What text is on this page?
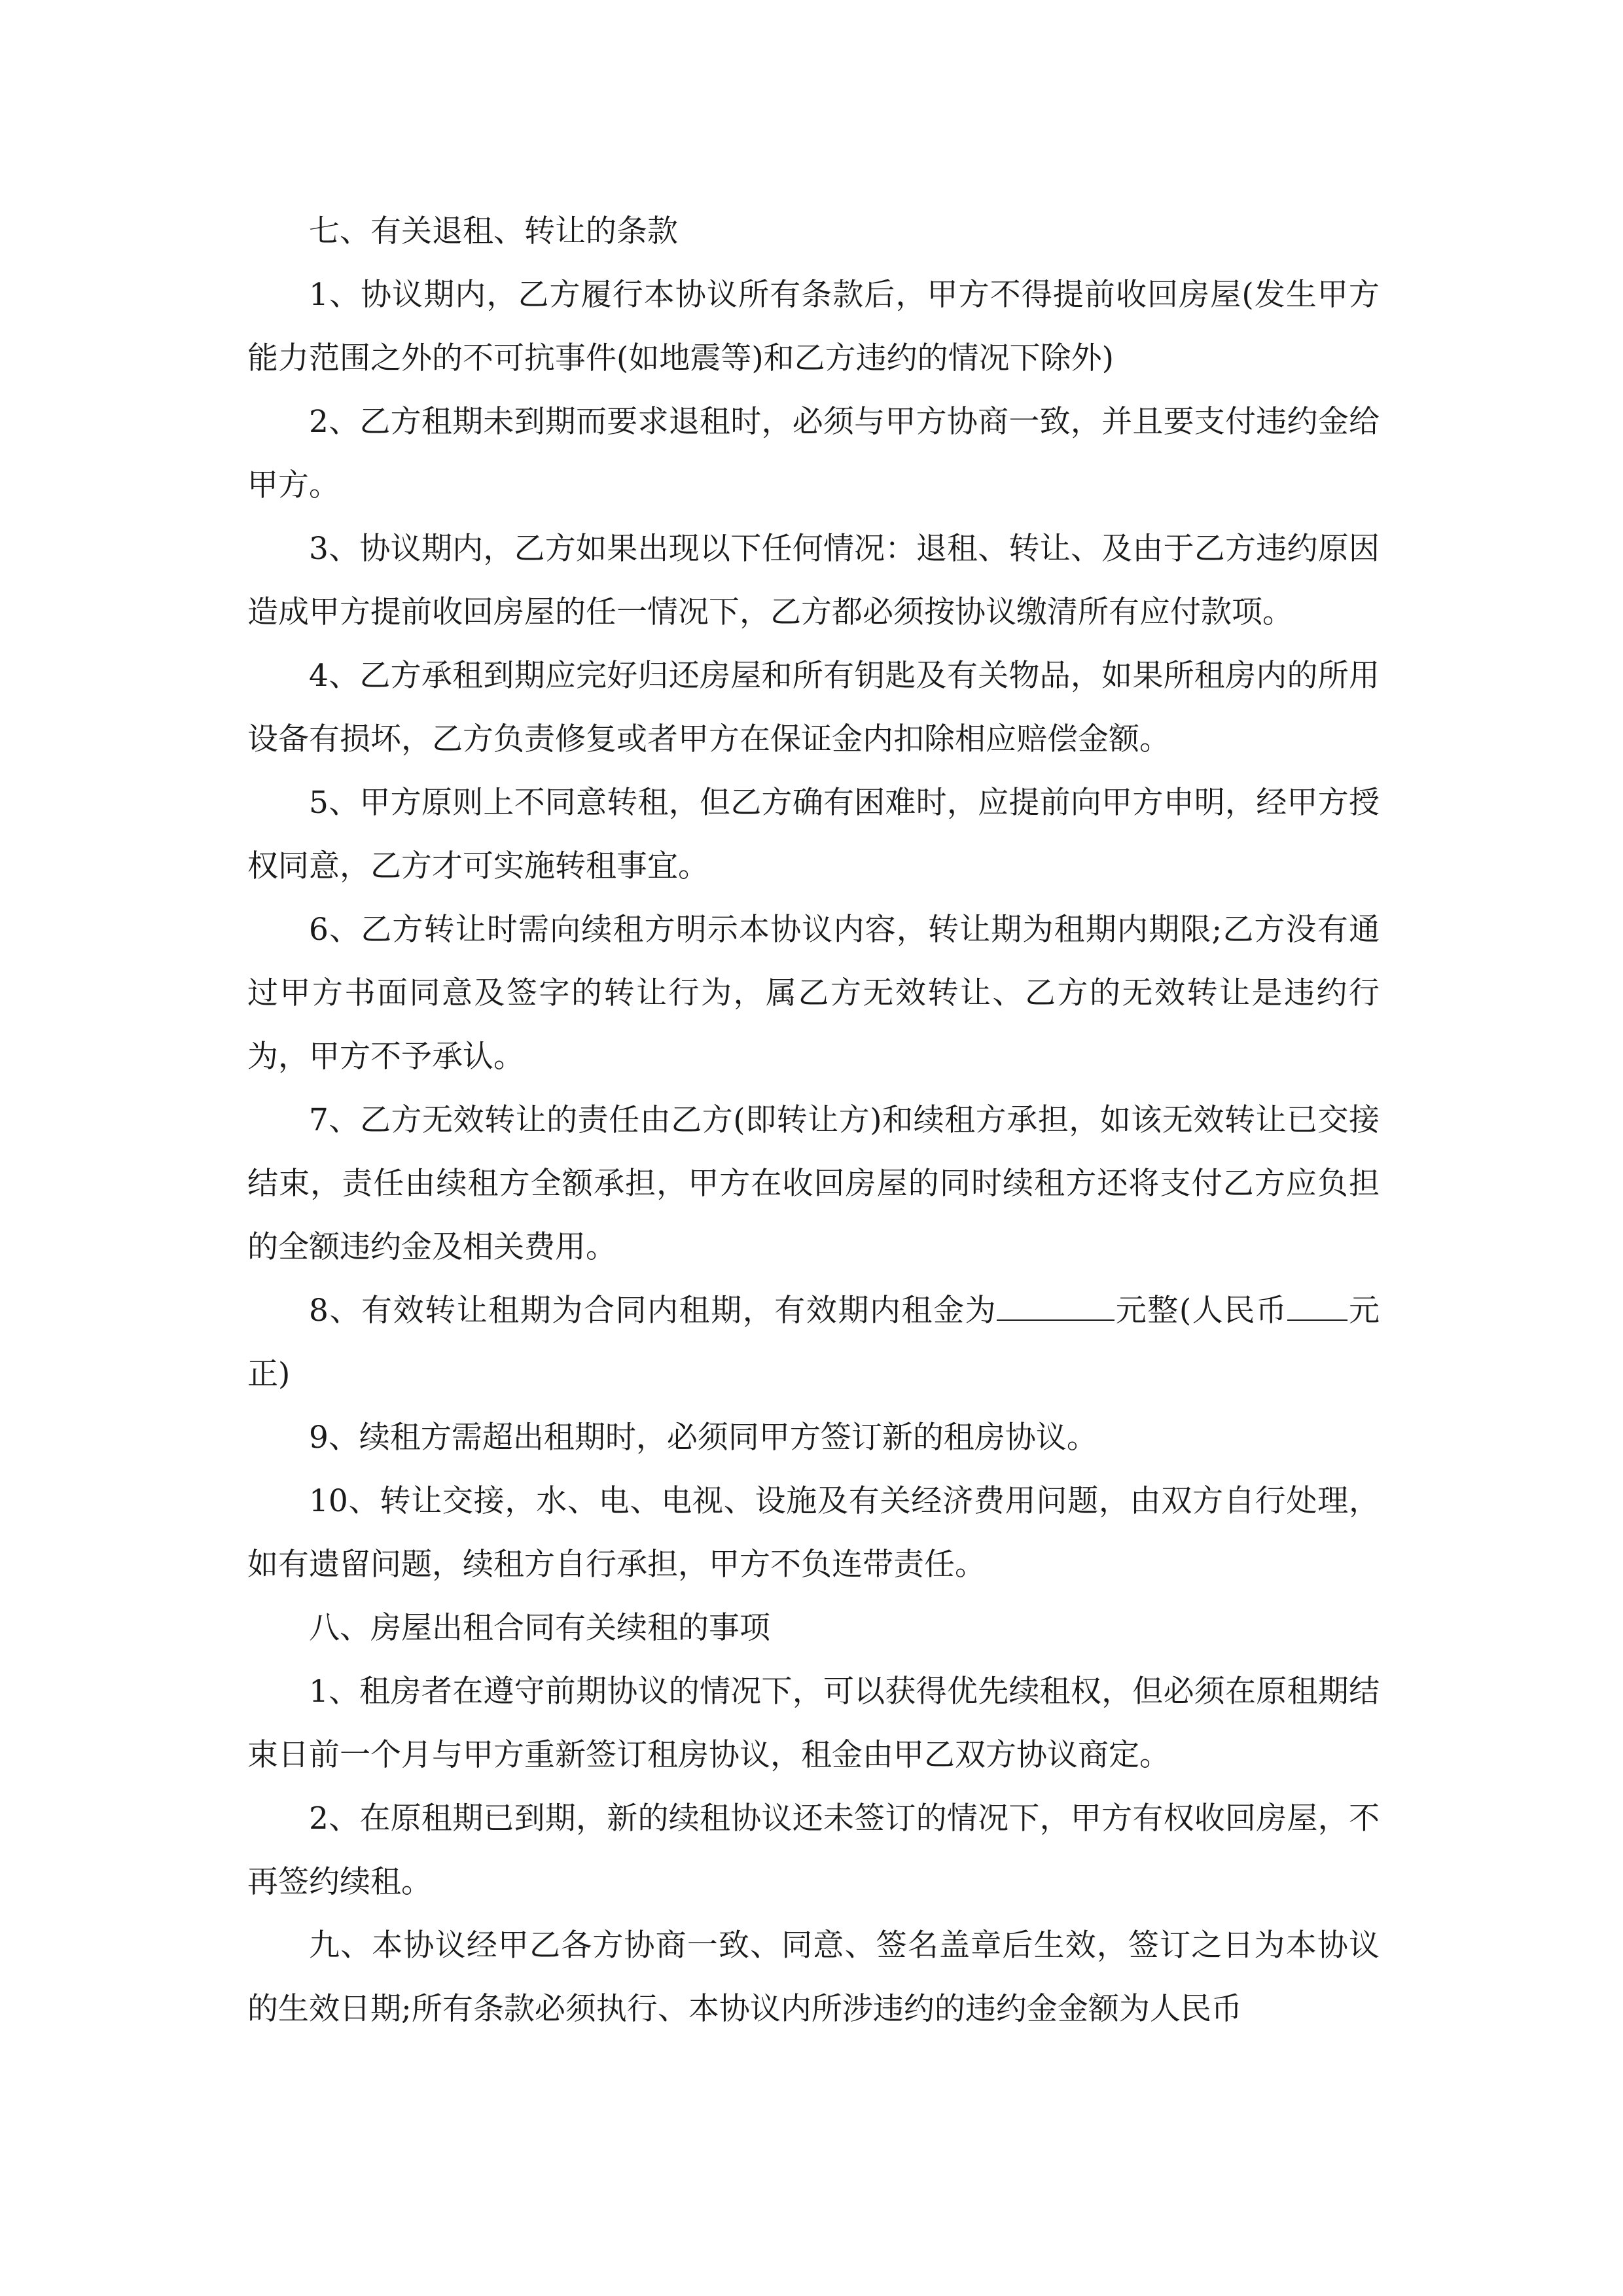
七、有关退租、转让的条款

1、协议期内，乙方履行本协议所有条款后，甲方不得提前收回房屋(发生甲方能力范围之外的不可抗事件(如地震等)和乙方违约的情况下除外)

2、乙方租期未到期而要求退租时，必须与甲方协商一致，并且要支付违约金给甲方。

3、协议期内，乙方如果出现以下任何情况：退租、转让、及由于乙方违约原因造成甲方提前收回房屋的任一情况下，乙方都必须按协议缴清所有应付款项。

4、乙方承租到期应完好归还房屋和所有钥匙及有关物品，如果所租房内的所用设备有损坏，乙方负责修复或者甲方在保证金内扣除相应赔偿金额。

5、甲方原则上不同意转租，但乙方确有困难时，应提前向甲方申明，经甲方授权同意，乙方才可实施转租事宜。

6、乙方转让时需向续租方明示本协议内容，转让期为租期内期限;乙方没有通过甲方书面同意及签字的转让行为，属乙方无效转让、乙方的无效转让是违约行为，甲方不予承认。

7、乙方无效转让的责任由乙方(即转让方)和续租方承担，如该无效转让已交接结束，责任由续租方全额承担，甲方在收回房屋的同时续租方还将支付乙方应负担的全额违约金及相关费用。

8、有效转让租期为合同内租期，有效期内租金为	元整(人民币 元正)

9、续租方需超出租期时，必须同甲方签订新的租房协议。

10、转让交接，水、电、电视、设施及有关经济费用问题，由双方自行处理，如有遗留问题，续租方自行承担，甲方不负连带责任。

八、房屋出租合同有关续租的事项

1、租房者在遵守前期协议的情况下，可以获得优先续租权，但必须在原租期结束日前一个月与甲方重新签订租房协议，租金由甲乙双方协议商定。

2、在原租期已到期，新的续租协议还未签订的情况下，甲方有权收回房屋，不再签约续租。

九、本协议经甲乙各方协商一致、同意、签名盖章后生效，签订之日为本协议的生效日期;所有条款必须执行、本协议内所涉违约的违约金金额为人民币
